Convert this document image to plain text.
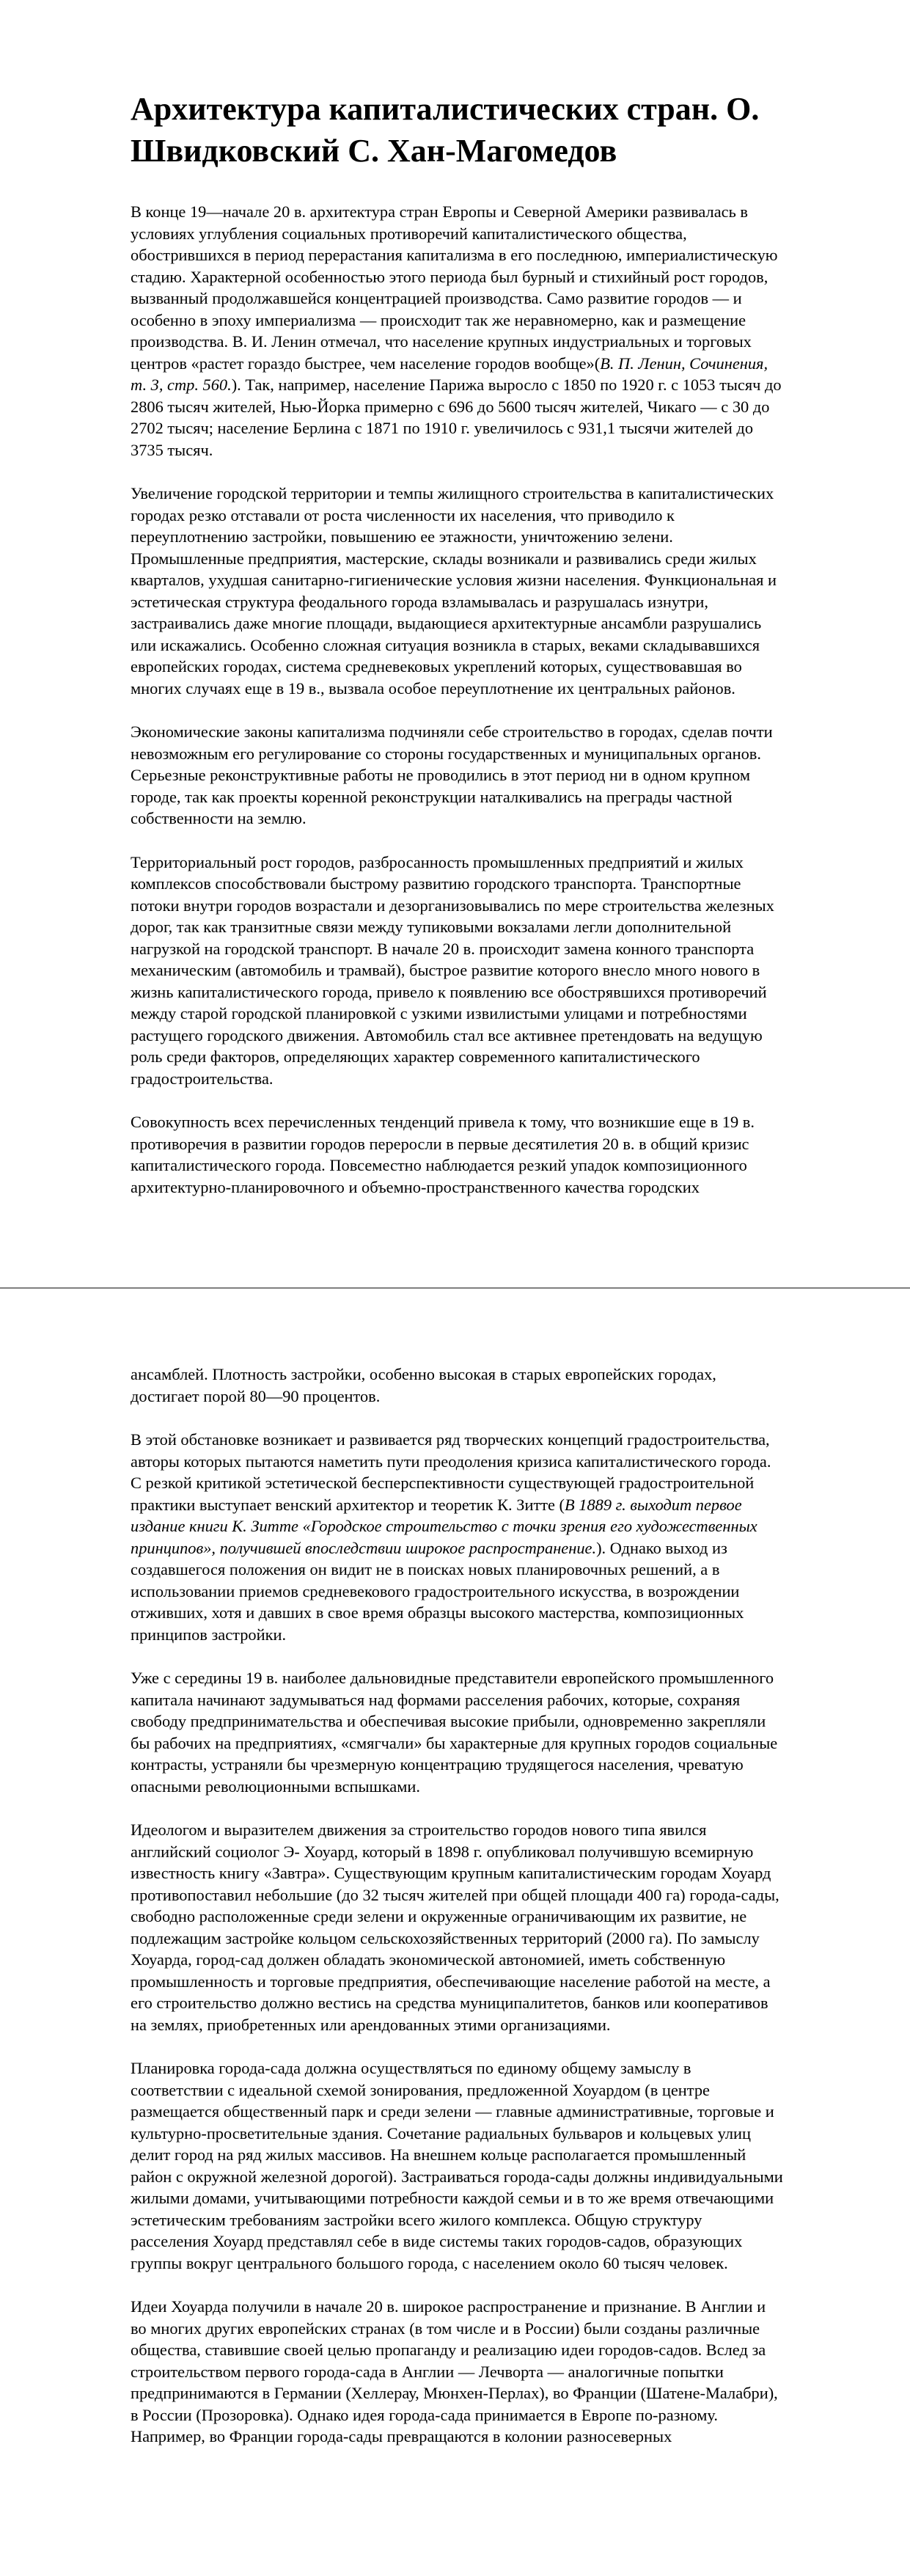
Архитектура капиталистических стран. О. Швидковский С. Хан-Магомедов

В конце 19—начале 20 в. архитектура стран Европы и Северной Америки развивалась в условиях углубления социальных противоречий капиталистического общества, обострившихся в период перерастания капитализма в его последнюю, империалистическую стадию. Характерной особенностью этого периода был бурный и стихийный рост городов, вызванный продолжавшейся концентрацией производства. Само развитие городов — и особенно в эпоху империализма — происходит так же неравномерно, как и размещение производства. В. И. Ленин отмечал, что население крупных индустриальных и торговых центров «растет гораздо быстрее, чем население городов вообще»(В. П. Ленин, Сочинения, т. 3, стр. 560.). Так, например, население Парижа выросло с 1850 по 1920 г. с 1053 тысяч до 2806 тысяч жителей, Нью-Йорка примерно с 696 до 5600 тысяч жителей, Чикаго — с 30 до 2702 тысяч; население Берлина с 1871 по 1910 г. увеличилось с 931,1 тысячи жителей до 3735 тысяч.

Увеличение городской территории и темпы жилищного строительства в капиталистических городах резко отставали от роста численности их населения, что приводило к переуплотнению застройки, повышению ее этажности, уничтожению зелени. Промышленные предприятия, мастерские, склады возникали и развивались среди жилых кварталов, ухудшая санитарно-гигиенические условия жизни населения. Функциональная и эстетическая структура феодального города взламывалась и разрушалась изнутри, застраивались даже многие площади, выдающиеся архитектурные ансамбли разрушались или искажались. Особенно сложная ситуация возникла в старых, веками складывавшихся европейских городах, система средневековых укреплений которых, существовавшая во многих случаях еще в 19 в., вызвала особое переуплотнение их центральных районов.

Экономические законы капитализма подчиняли себе строительство в городах, сделав почти невозможным его регулирование со стороны государственных и муниципальных органов. Серьезные реконструктивные работы не проводились в этот период ни в одном крупном городе, так как проекты коренной реконструкции наталкивались на преграды частной собственности на землю.

Территориальный рост городов, разбросанность промышленных предприятий и жилых комплексов способствовали быстрому развитию городского транспорта. Транспортные потоки внутри городов возрастали и дезорганизовывались по мере строительства железных дорог, так как транзитные связи между тупиковыми вокзалами легли дополнительной нагрузкой на городской транспорт. В начале 20 в. происходит замена конного транспорта механическим (автомобиль и трамвай), быстрое развитие которого внесло много нового в жизнь капиталистического города, привело к появлению все обострявшихся противоречий между старой городской планировкой с узкими извилистыми улицами и потребностями растущего городского движения. Автомобиль стал все активнее претендовать на ведущую роль среди факторов, определяющих характер современного капиталистического градостроительства.

Совокупность всех перечисленных тенденций привела к тому, что возникшие еще в 19 в. противоречия в развитии городов переросли в первые десятилетия 20 в. в общий кризис капиталистического города. Повсеместно наблюдается резкий упадок композиционного архитектурно-планировочного и объемно-пространственного качества городских

ансамблей. Плотность застройки, особенно высокая в старых европейских городах, достигает порой 80—90 процентов.

В этой обстановке возникает и развивается ряд творческих концепций градостроительства, авторы которых пытаются наметить пути преодоления кризиса капиталистического города. С резкой критикой эстетической бесперспективности существующей градостроительной практики выступает венский архитектор и теоретик К. Зитте (В 1889 г. выходит первое издание книги К. Зитте «Городское строительство с точки зрения его художественных принципов», получившей впоследствии широкое распространение.). Однако выход из создавшегося положения он видит не в поисках новых планировочных решений, а в использовании приемов средневекового градостроительного искусства, в возрождении отживших, хотя и давших в свое время образцы высокого мастерства, композиционных принципов застройки.

Уже с середины 19 в. наиболее дальновидные представители европейского промышленного капитала начинают задумываться над формами расселения рабочих, которые, сохраняя свободу предпринимательства и обеспечивая высокие прибыли, одновременно закрепляли бы рабочих на предприятиях, «смягчали» бы характерные для крупных городов социальные контрасты, устраняли бы чрезмерную концентрацию трудящегося населения, чреватую опасными революционными вспышками.

Идеологом и выразителем движения за строительство городов нового типа явился английский социолог Э- Хоуард, который в 1898 г. опубликовал получившую всемирную известность книгу «Завтра». Существующим крупным капиталистическим городам Хоуард противопоставил небольшие (до 32 тысяч жителей при общей площади 400 га) города-сады, свободно расположенные среди зелени и окруженные ограничивающим их развитие, не подлежащим застройке кольцом сельскохозяйственных территорий (2000 га). По замыслу Хоуарда, город-сад должен обладать экономической автономией, иметь собственную промышленность и торговые предприятия, обеспечивающие население работой на месте, а его строительство должно вестись на средства муниципалитетов, банков или кооперативов на землях, приобретенных или арендованных этими организациями.

Планировка города-сада должна осуществляться по единому общему замыслу в соответствии с идеальной схемой зонирования, предложенной Хоуардом (в центре размещается общественный парк и среди зелени — главные административные, торговые и культурно-просветительные здания. Сочетание радиальных бульваров и кольцевых улиц делит город на ряд жилых массивов. На внешнем кольце располагается промышленный район с окружной железной дорогой). Застраиваться города-сады должны индивидуальными жилыми домами, учитывающими потребности каждой семьи и в то же время отвечающими эстетическим требованиям застройки всего жилого комплекса. Общую структуру расселения Хоуард представлял себе в виде системы таких городов-садов, образующих группы вокруг центрального большого города, с населением около 60 тысяч человек.

Идеи Хоуарда получили в начале 20 в. широкое распространение и признание. В Англии и во многих других европейских странах (в том числе и в России) были созданы различные общества, ставившие своей целью пропаганду и реализацию идеи городов-садов. Вслед за строительством первого города-сада в Англии — Лечворта — аналогичные попытки предпринимаются в Германии (Хеллерау, Мюнхен-Перлах), во Франции (Шатене-Малабри), в России (Прозоровка). Однако идея города-сада принимается в Европе по-разному. Например, во Франции города-сады превращаются в колонии разносеверных
